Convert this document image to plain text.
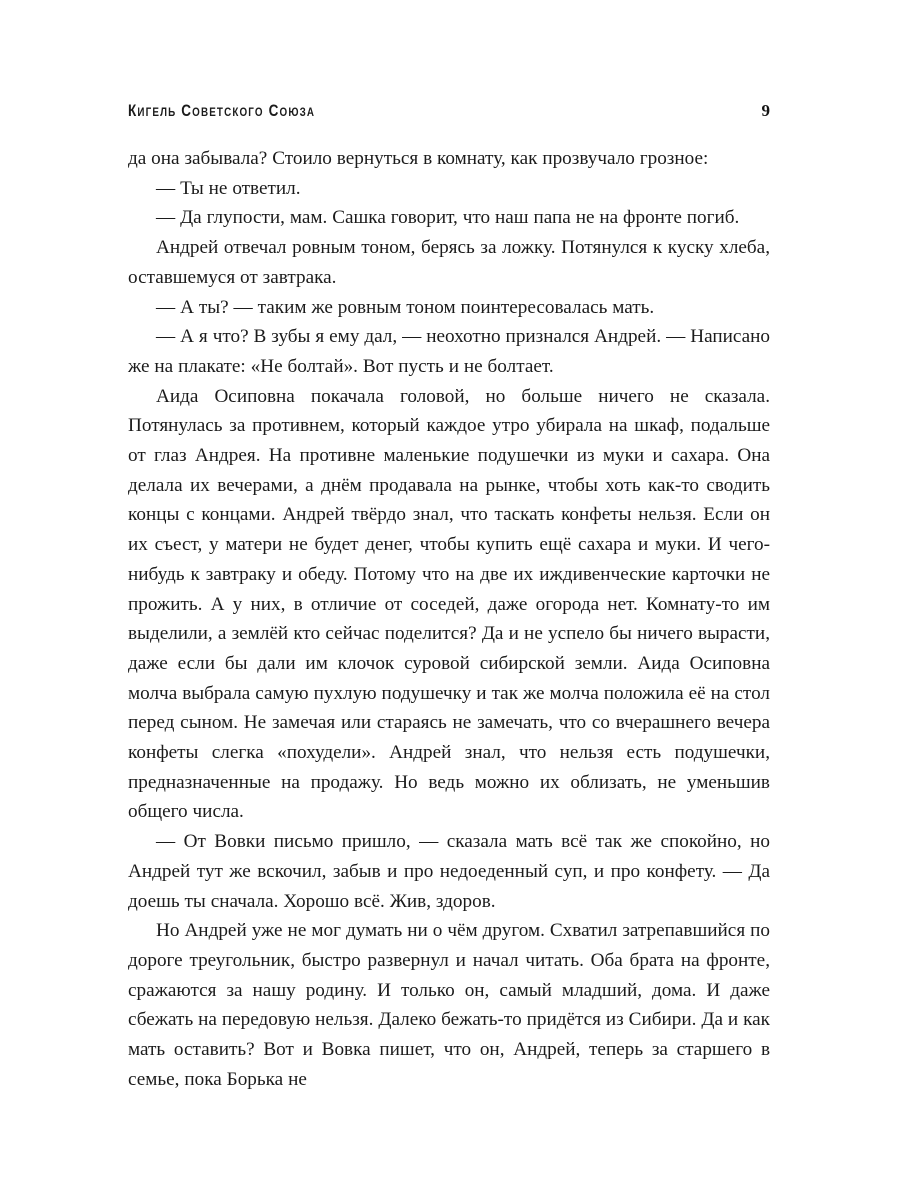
Кигель Советского Союза	9

да она забывала? Стоило вернуться в комнату, как прозвучало грозное:

— Ты не ответил.

— Да глупости, мам. Сашка говорит, что наш папа не на фронте погиб.

Андрей отвечал ровным тоном, берясь за ложку. Потянулся к куску хлеба, оставшемуся от завтрака.

— А ты? — таким же ровным тоном поинтересовалась мать.

— А я что? В зубы я ему дал, — неохотно признался Андрей. — Написано же на плакате: «Не болтай». Вот пусть и не болтает.

Аида Осиповна покачала головой, но больше ничего не сказала. Потянулась за противнем, который каждое утро убирала на шкаф, подальше от глаз Андрея. На противне маленькие подушечки из муки и сахара. Она делала их вечерами, а днём продавала на рынке, чтобы хоть как-то сводить концы с концами. Андрей твёрдо знал, что таскать конфеты нельзя. Если он их съест, у матери не будет денег, чтобы купить ещё сахара и муки. И чего-нибудь к завтраку и обеду. Потому что на две их иждивенческие карточки не прожить. А у них, в отличие от соседей, даже огорода нет. Комнату-то им выделили, а землёй кто сейчас поделится? Да и не успело бы ничего вырасти, даже если бы дали им клочок суровой сибирской земли. Аида Осиповна молча выбрала самую пухлую подушечку и так же молча положила её на стол перед сыном. Не замечая или стараясь не замечать, что со вчерашнего вечера конфеты слегка «похудели». Андрей знал, что нельзя есть подушечки, предназначенные на продажу. Но ведь можно их облизать, не уменьшив общего числа.

— От Вовки письмо пришло, — сказала мать всё так же спокойно, но Андрей тут же вскочил, забыв и про недоеденный суп, и про конфету. — Да доешь ты сначала. Хорошо всё. Жив, здоров.

Но Андрей уже не мог думать ни о чём другом. Схватил затрепавшийся по дороге треугольник, быстро развернул и начал читать. Оба брата на фронте, сражаются за нашу родину. И только он, самый младший, дома. И даже сбежать на передовую нельзя. Далеко бежать-то придётся из Сибири. Да и как мать оставить? Вот и Вовка пишет, что он, Андрей, теперь за старшего в семье, пока Борька не
